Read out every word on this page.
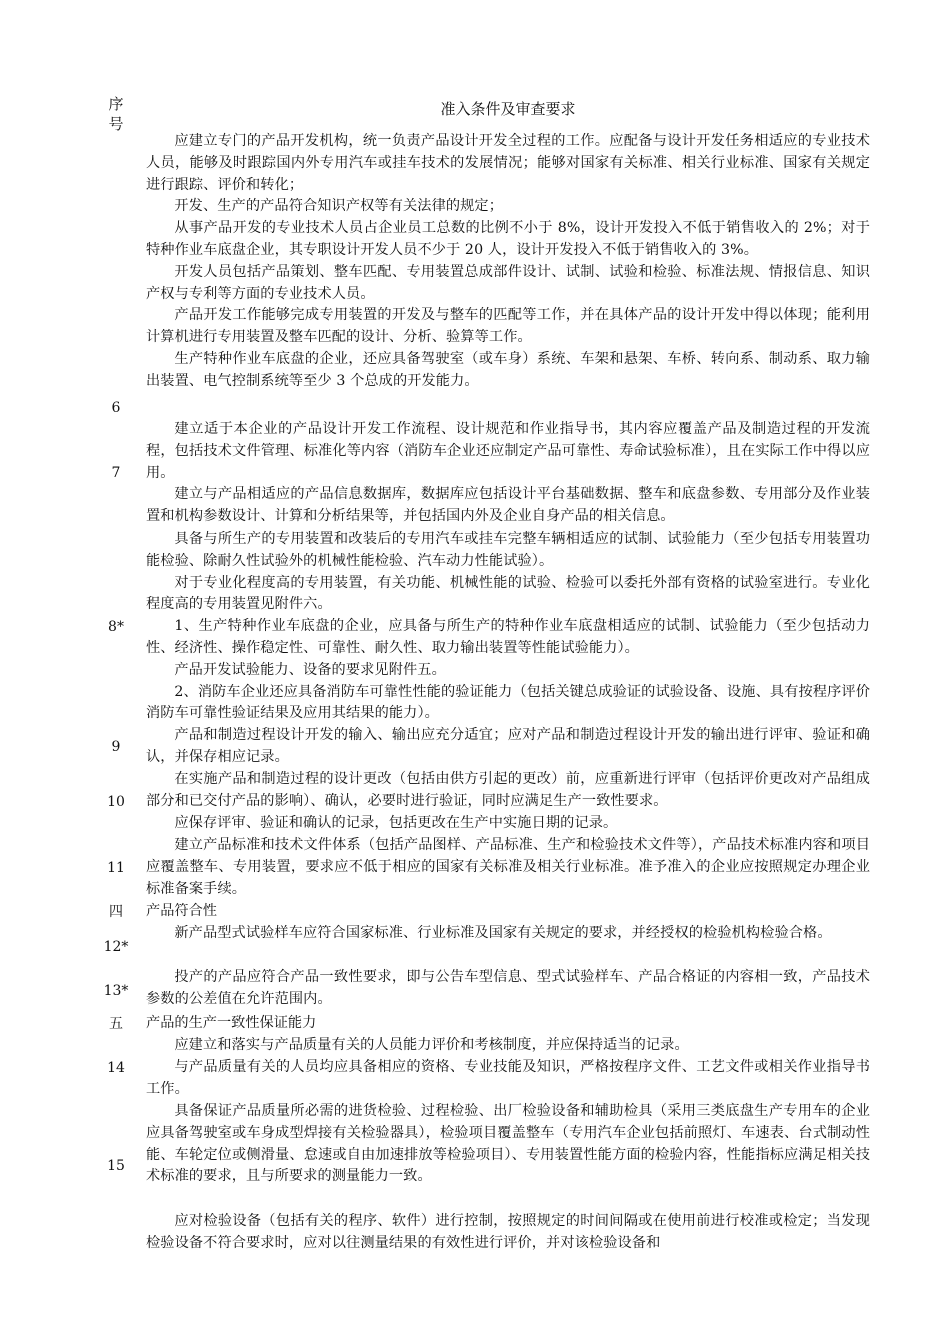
序
号
准入条件及审查要求
6

应建立专门的产品开发机构，统一负责产品设计开发全过程的工作。应配备与设计开发任务相适应的专业技术人员，能够及时跟踪国内外专用汽车或挂车技术的发展情况；能够对国家有关标准、相关行业标准、国家有关规定进行跟踪、评价和转化；

开发、生产的产品符合知识产权等有关法律的规定；

从事产品开发的专业技术人员占企业员工总数的比例不小于 8%，设计开发投入不低于销售收入的 2%；对于特种作业车底盘企业，其专职设计开发人员不少于 20 人，设计开发投入不低于销售收入的 3%。

开发人员包括产品策划、整车匹配、专用装置总成部件设计、试制、试验和检验、标准法规、情报信息、知识产权与专利等方面的专业技术人员。

产品开发工作能够完成专用装置的开发及与整车的匹配等工作，并在具体产品的设计开发中得以体现；能利用计算机进行专用装置及整车匹配的设计、分析、验算等工作。

生产特种作业车底盘的企业，还应具备驾驶室（或车身）系统、车架和悬架、车桥、转向系、制动系、取力输出装置、电气控制系统等至少 3 个总成的开发能力。

7

建立适于本企业的产品设计开发工作流程、设计规范和作业指导书，其内容应覆盖产品及制造过程的开发流程，包括技术文件管理、标准化等内容（消防车企业还应制定产品可靠性、寿命试验标准），且在实际工作中得以应用。

建立与产品相适应的产品信息数据库，数据库应包括设计平台基础数据、整车和底盘参数、专用部分及作业装置和机构参数设计、计算和分析结果等，并包括国内外及企业自身产品的相关信息。

8*

具备与所生产的专用装置和改装后的专用汽车或挂车完整车辆相适应的试制、试验能力（至少包括专用装置功能检验、除耐久性试验外的机械性能检验、汽车动力性能试验）。

对于专业化程度高的专用装置，有关功能、机械性能的试验、检验可以委托外部有资格的试验室进行。专业化程度高的专用装置见附件六。

1、生产特种作业车底盘的企业，应具备与所生产的特种作业车底盘相适应的试制、试验能力（至少包括动力性、经济性、操作稳定性、可靠性、耐久性、取力输出装置等性能试验能力）。

产品开发试验能力、设备的要求见附件五。

2、消防车企业还应具备消防车可靠性性能的验证能力（包括关键总成验证的试验设备、设施、具有按程序评价消防车可靠性验证结果及应用其结果的能力）。

9

产品和制造过程设计开发的输入、输出应充分适宜；应对产品和制造过程设计开发的输出进行评审、验证和确认，并保存相应记录。

10

在实施产品和制造过程的设计更改（包括由供方引起的更改）前，应重新进行评审（包括评价更改对产品组成部分和已交付产品的影响）、确认，必要时进行验证，同时应满足生产一致性要求。

应保存评审、验证和确认的记录，包括更改在生产中实施日期的记录。

11

建立产品标准和技术文件体系（包括产品图样、产品标准、生产和检验技术文件等），产品技术标准内容和项目应覆盖整车、专用装置，要求应不低于相应的国家有关标准及相关行业标准。准予准入的企业应按照规定办理企业标准备案手续。

四	产品符合性

12*

新产品型式试验样车应符合国家标准、行业标准及国家有关规定的要求，并经授权的检验机构检验合格。

13*

投产的产品应符合产品一致性要求，即与公告车型信息、型式试验样车、产品合格证的内容相一致，产品技术参数的公差值在允许范围内。

五	产品的生产一致性保证能力

14

应建立和落实与产品质量有关的人员能力评价和考核制度，并应保持适当的记录。

与产品质量有关的人员均应具备相应的资格、专业技能及知识，严格按程序文件、工艺文件或相关作业指导书工作。

15

具备保证产品质量所必需的进货检验、过程检验、出厂检验设备和辅助检具（采用三类底盘生产专用车的企业应具备驾驶室或车身成型焊接有关检验器具），检验项目覆盖整车（专用汽车企业包括前照灯、车速表、台式制动性能、车轮定位或侧滑量、怠速或自由加速排放等检验项目）、专用装置性能方面的检验内容，性能指标应满足相关技术标准的要求，且与所要求的测量能力一致。

应对检验设备（包括有关的程序、软件）进行控制，按照规定的时间间隔或在使用前进行校准或检定；当发现检验设备不符合要求时，应对以往测量结果的有效性进行评价，并对该检验设备和
